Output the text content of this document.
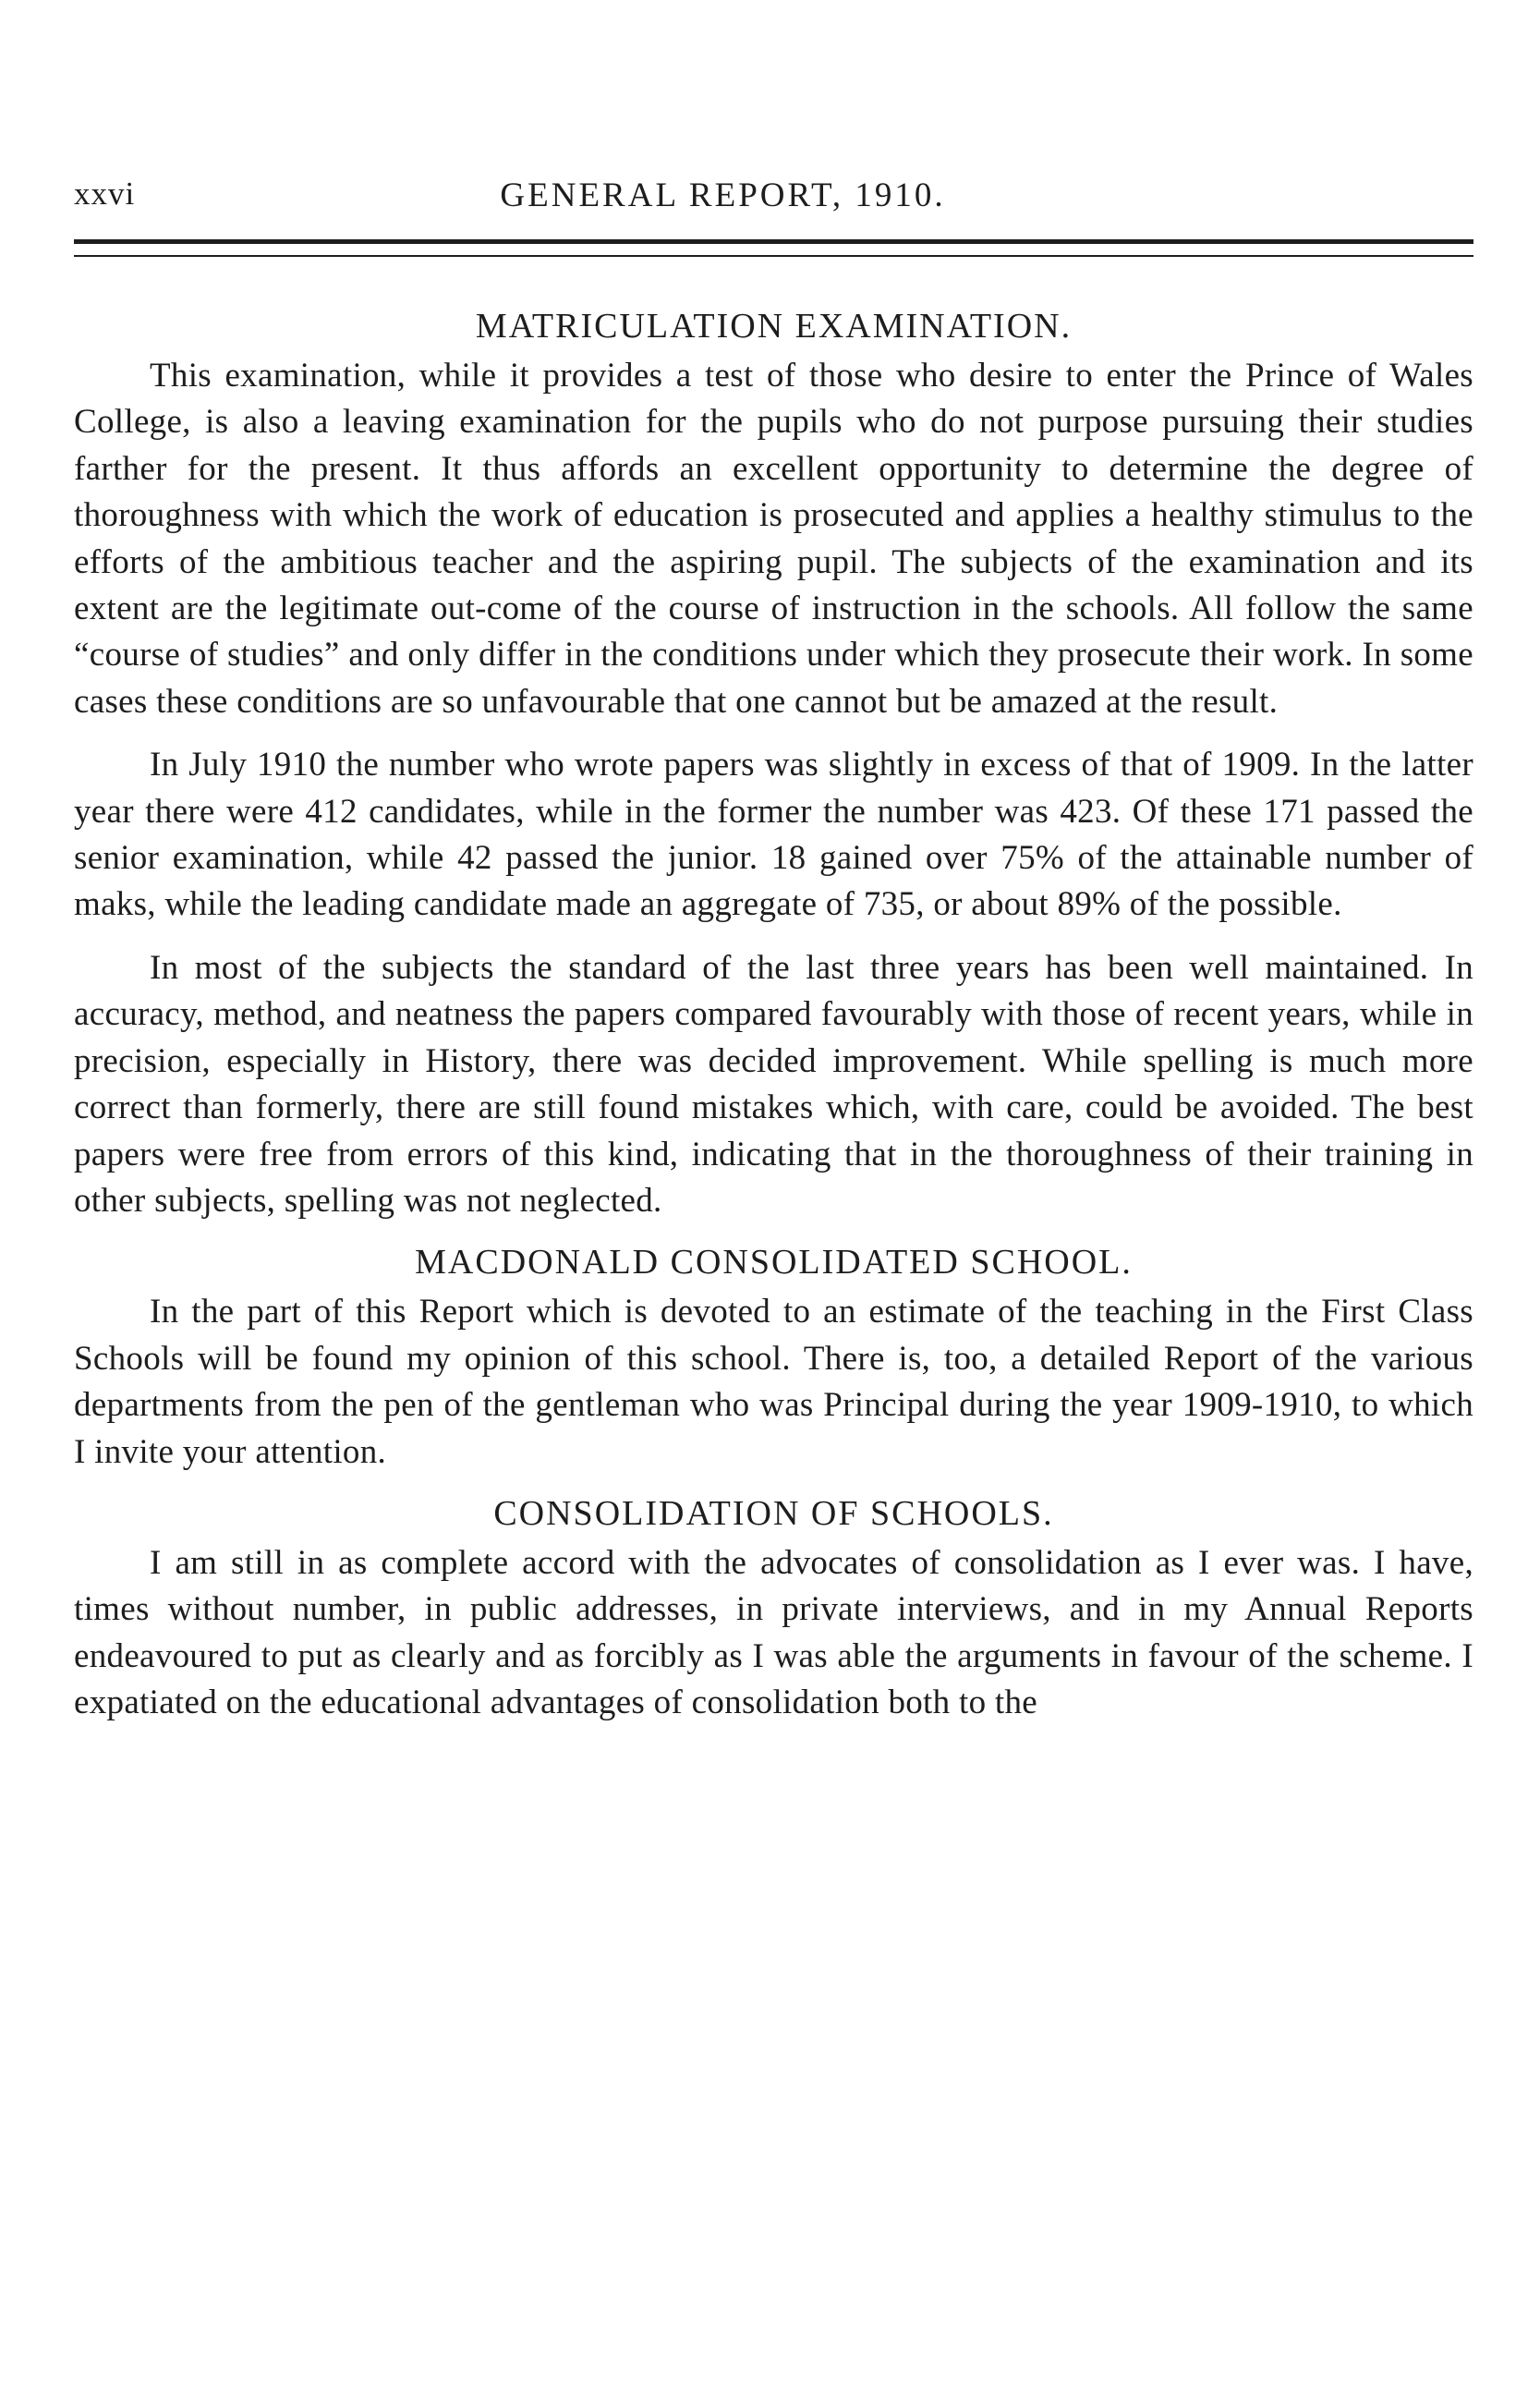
xxvi	GENERAL REPORT, 1910.
MATRICULATION EXAMINATION.

This examination, while it provides a test of those who desire to enter the Prince of Wales College, is also a leaving examination for the pupils who do not purpose pursuing their studies farther for the present. It thus affords an excellent opportunity to determine the degree of thoroughness with which the work of education is prosecuted and applies a healthy stimulus to the efforts of the ambitious teacher and the aspiring pupil. The subjects of the examination and its extent are the legitimate out-come of the course of instruction in the schools. All follow the same “course of studies” and only differ in the conditions under which they prosecute their work. In some cases these conditions are so unfavourable that one cannot but be amazed at the result.

In July 1910 the number who wrote papers was slightly in excess of that of 1909. In the latter year there were 412 candidates, while in the former the number was 423. Of these 171 passed the senior examination, while 42 passed the junior. 18 gained over 75% of the attainable number of maks, while the leading candidate made an aggregate of 735, or about 89% of the possible.

In most of the subjects the standard of the last three years has been well maintained. In accuracy, method, and neatness the papers compared favourably with those of recent years, while in precision, especially in History, there was decided improvement. While spelling is much more correct than formerly, there are still found mistakes which, with care, could be avoided. The best papers were free from errors of this kind, indicating that in the thoroughness of their training in other subjects, spelling was not neglected.

MACDONALD CONSOLIDATED SCHOOL.

In the part of this Report which is devoted to an estimate of the teaching in the First Class Schools will be found my opinion of this school. There is, too, a detailed Report of the various departments from the pen of the gentleman who was Principal during the year 1909-1910, to which I invite your attention.

CONSOLIDATION OF SCHOOLS.

I am still in as complete accord with the advocates of consolidation as I ever was. I have, times without number, in public addresses, in private interviews, and in my Annual Reports endeavoured to put as clearly and as forcibly as I was able the arguments in favour of the scheme. I expatiated on the educational advantages of consolidation both to the
